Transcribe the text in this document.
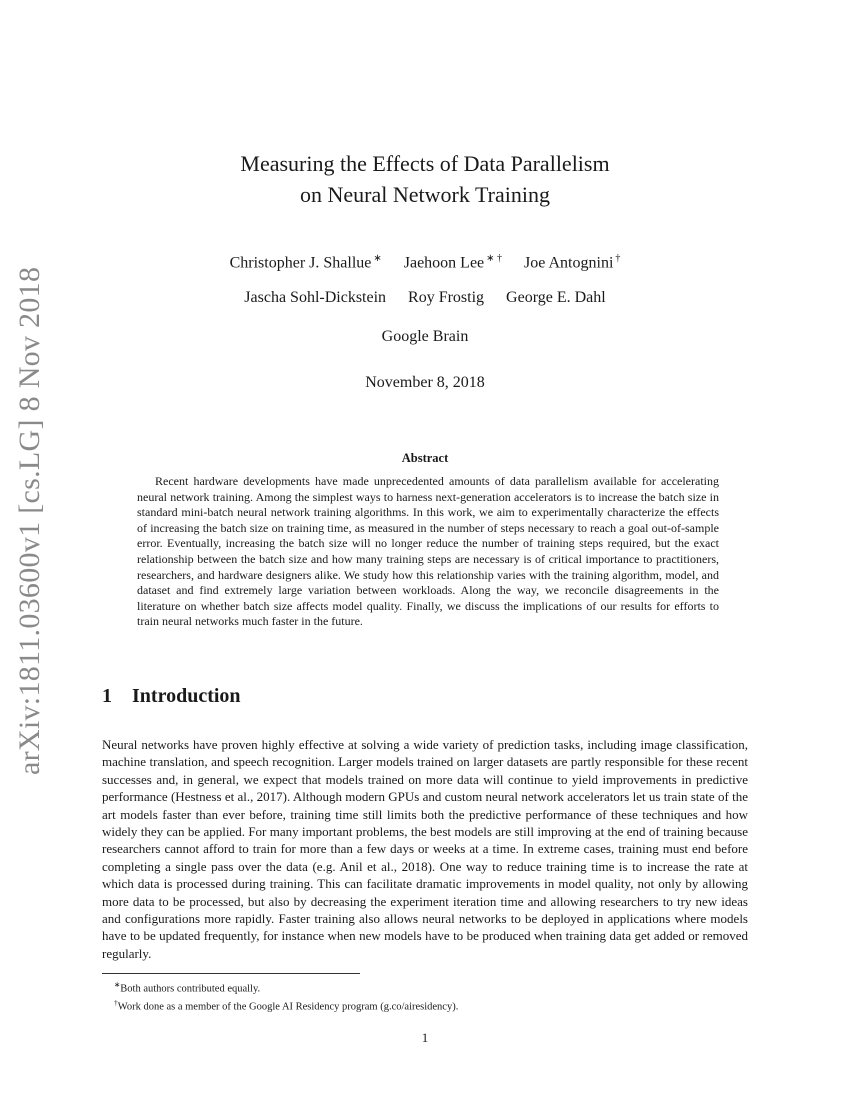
arXiv:1811.03600v1 [cs.LG] 8 Nov 2018
Measuring the Effects of Data Parallelism
on Neural Network Training
Christopher J. Shallue ∗ Jaehoon Lee ∗ † Joe Antognini †
Jascha Sohl-Dickstein Roy Frostig George E. Dahl
Google Brain
November 8, 2018
Abstract
Recent hardware developments have made unprecedented amounts of data parallelism available for accelerating neural network training. Among the simplest ways to harness next-generation accelerators is to increase the batch size in standard mini-batch neural network training algorithms. In this work, we aim to experimentally characterize the effects of increasing the batch size on training time, as measured in the number of steps necessary to reach a goal out-of-sample error. Eventually, increasing the batch size will no longer reduce the number of training steps required, but the exact relationship between the batch size and how many training steps are necessary is of critical importance to practitioners, researchers, and hardware designers alike. We study how this relationship varies with the training algorithm, model, and dataset and find extremely large variation between workloads. Along the way, we reconcile disagreements in the literature on whether batch size affects model quality. Finally, we discuss the implications of our results for efforts to train neural networks much faster in the future.
1 Introduction
Neural networks have proven highly effective at solving a wide variety of prediction tasks, including image classification, machine translation, and speech recognition. Larger models trained on larger datasets are partly responsible for these recent successes and, in general, we expect that models trained on more data will continue to yield improvements in predictive performance (Hestness et al., 2017). Although modern GPUs and custom neural network accelerators let us train state of the art models faster than ever before, training time still limits both the predictive performance of these techniques and how widely they can be applied. For many important problems, the best models are still improving at the end of training because researchers cannot afford to train for more than a few days or weeks at a time. In extreme cases, training must end before completing a single pass over the data (e.g. Anil et al., 2018). One way to reduce training time is to increase the rate at which data is processed during training. This can facilitate dramatic improvements in model quality, not only by allowing more data to be processed, but also by decreasing the experiment iteration time and allowing researchers to try new ideas and configurations more rapidly. Faster training also allows neural networks to be deployed in applications where models have to be updated frequently, for instance when new models have to be produced when training data get added or removed regularly.
∗Both authors contributed equally.
†Work done as a member of the Google AI Residency program (g.co/airesidency).
1
